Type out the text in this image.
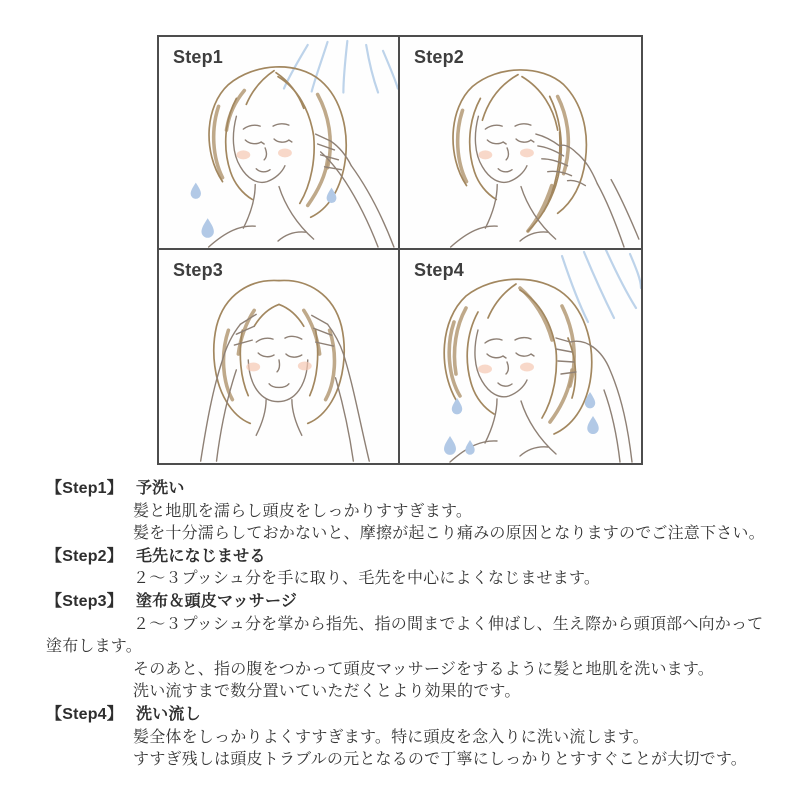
Step1	Step2
Step3	Step4

【Step1】 予洗い

髪と地肌を濡らし頭皮をしっかりすすぎます。

髪を十分濡らしておかないと、摩擦が起こり痛みの原因となりますのでご注意下さい。

【Step2】 毛先になじませる

２〜３プッシュ分を手に取り、毛先を中心によくなじませます。

【Step3】 塗布＆頭皮マッサージ

２〜３プッシュ分を掌から指先、指の間までよく伸ばし、生え際から頭頂部へ向かって

塗布します。

そのあと、指の腹をつかって頭皮マッサージをするように髪と地肌を洗います。

洗い流すまで数分置いていただくとより効果的です。

【Step4】 洗い流し

髪全体をしっかりよくすすぎます。特に頭皮を念入りに洗い流します。

すすぎ残しは頭皮トラブルの元となるので丁寧にしっかりとすすぐことが大切です。
